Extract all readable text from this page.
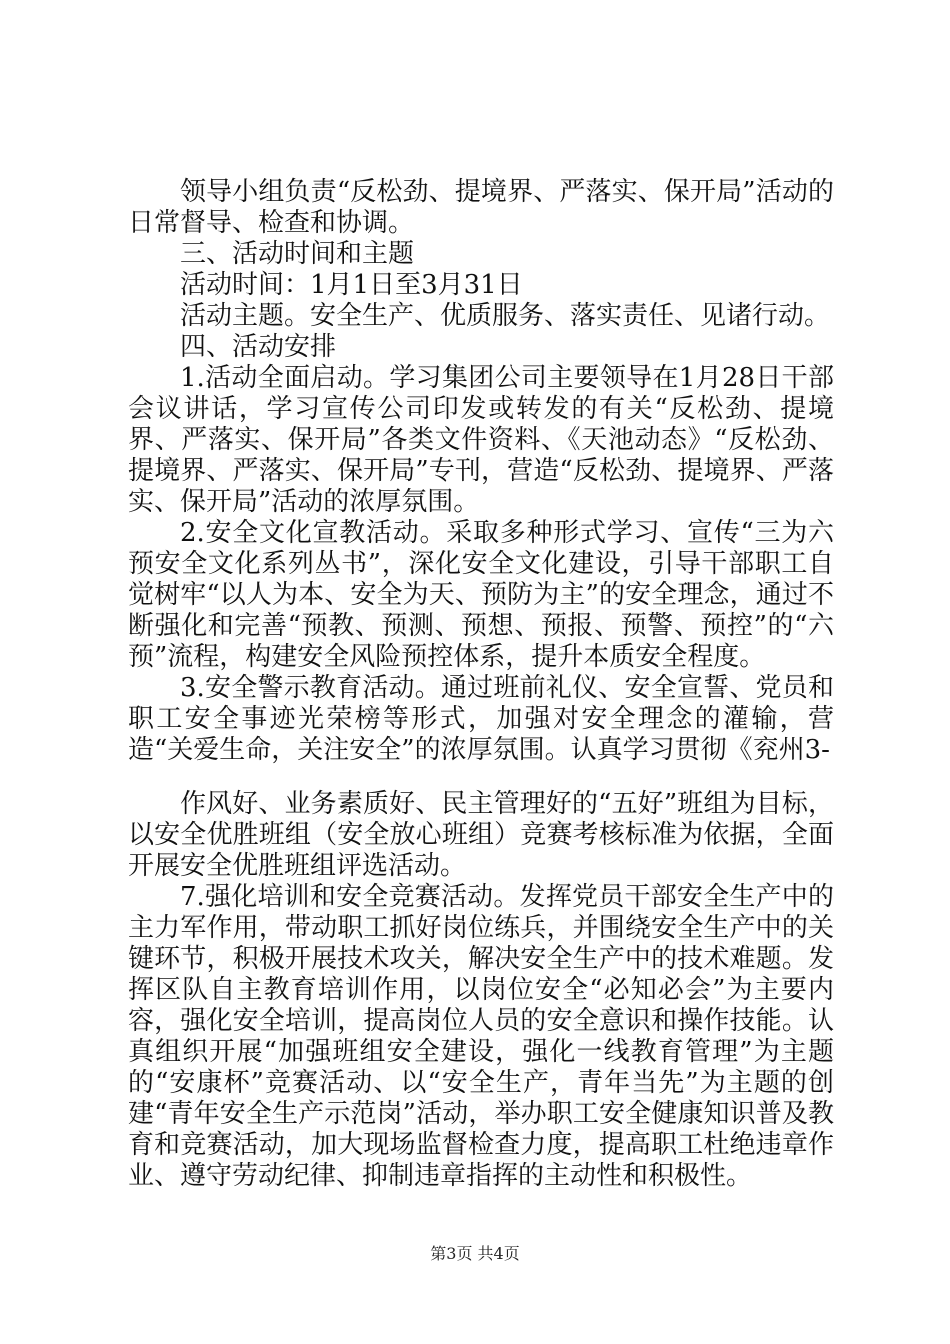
领导小组负责“反松劲、提境界、严落实、保开局”活动的日常督导、检查和协调。

三、活动时间和主题

活动时间：1月1日至3月31日

活动主题。安全生产、优质服务、落实责任、见诸行动。

四、活动安排

1.活动全面启动。学习集团公司主要领导在1月28日干部会议讲话，学习宣传公司印发或转发的有关“反松劲、提境界、严落实、保开局”各类文件资料、《天池动态》“反松劲、提境界、严落实、保开局”专刊，营造“反松劲、提境界、严落实、保开局”活动的浓厚氛围。

2.安全文化宣教活动。采取多种形式学习、宣传“三为六预安全文化系列丛书”，深化安全文化建设，引导干部职工自觉树牢“以人为本、安全为天、预防为主”的安全理念，通过不断强化和完善“预教、预测、预想、预报、预警、预控”的“六预”流程，构建安全风险预控体系，提升本质安全程度。

3.安全警示教育活动。通过班前礼仪、安全宣誓、党员和职工安全事迹光荣榜等形式，加强对安全理念的灌输，营造“关爱生命，关注安全”的浓厚氛围。认真学习贯彻《兖州3-

作风好、业务素质好、民主管理好的“五好”班组为目标，以安全优胜班组（安全放心班组）竞赛考核标准为依据，全面开展安全优胜班组评选活动。

7.强化培训和安全竞赛活动。发挥党员干部安全生产中的主力军作用，带动职工抓好岗位练兵，并围绕安全生产中的关键环节，积极开展技术攻关，解决安全生产中的技术难题。发挥区队自主教育培训作用，以岗位安全“必知必会”为主要内容，强化安全培训，提高岗位人员的安全意识和操作技能。认真组织开展“加强班组安全建设，强化一线教育管理”为主题的“安康杯”竞赛活动、以“安全生产，青年当先”为主题的创建“青年安全生产示范岗”活动，举办职工安全健康知识普及教育和竞赛活动，加大现场监督检查力度，提高职工杜绝违章作业、遵守劳动纪律、抑制违章指挥的主动性和积极性。

第3页 共4页
